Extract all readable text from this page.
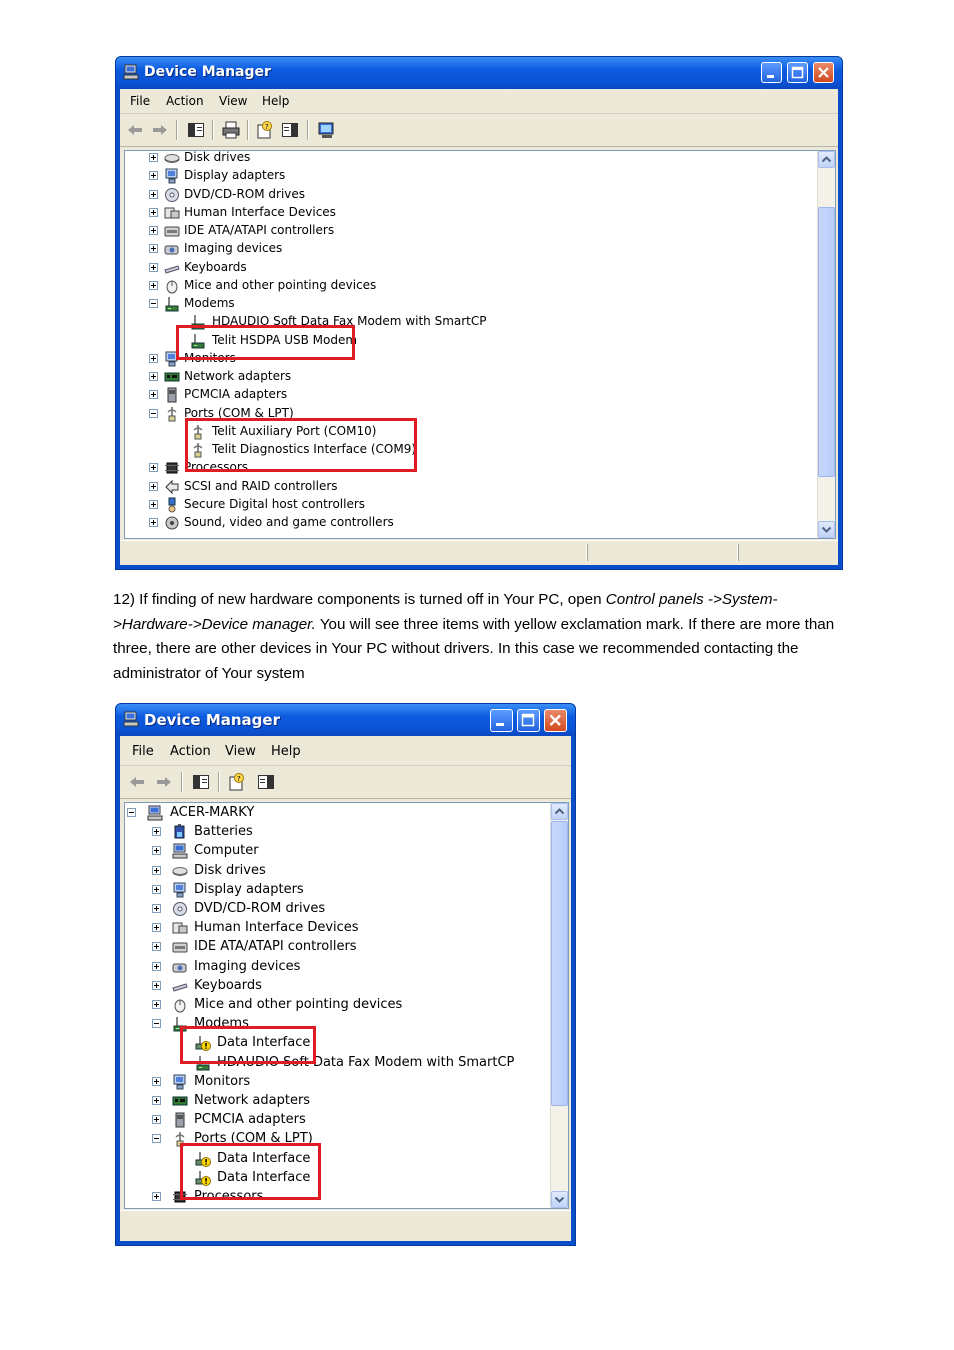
Device Manager
File Action View Help
?
Disk drives
Display adapters
DVD/CD-ROM drives
Human Interface Devices
IDE ATA/ATAPI controllers
Imaging devices
Keyboards
Mice and other pointing devices
Modems
HDAUDIO Soft Data Fax Modem with SmartCP
Telit HSDPA USB Modem
Monitors
Network adapters
PCMCIA adapters
Ports (COM & LPT)
Telit Auxiliary Port (COM10)
Telit Diagnostics Interface (COM9)
Processors
SCSI and RAID controllers
Secure Digital host controllers
Sound, video and game controllers
12) If finding of new hardware components is turned off in Your PC, open Control panels ->System->Hardware->Device manager. You will see three items with yellow exclamation mark. If there are more than three, there are other devices in Your PC without drivers. In this case we recommended contacting the administrator of Your system
Device Manager
File Action View Help
?
ACER-MARKY
Batteries
Computer
Disk drives
Display adapters
DVD/CD-ROM drives
Human Interface Devices
IDE ATA/ATAPI controllers
Imaging devices
Keyboards
Mice and other pointing devices
Modems
Data Interface
HDAUDIO Soft Data Fax Modem with SmartCP
Monitors
Network adapters
PCMCIA adapters
Ports (COM & LPT)
Data Interface
Data Interface
Processors
